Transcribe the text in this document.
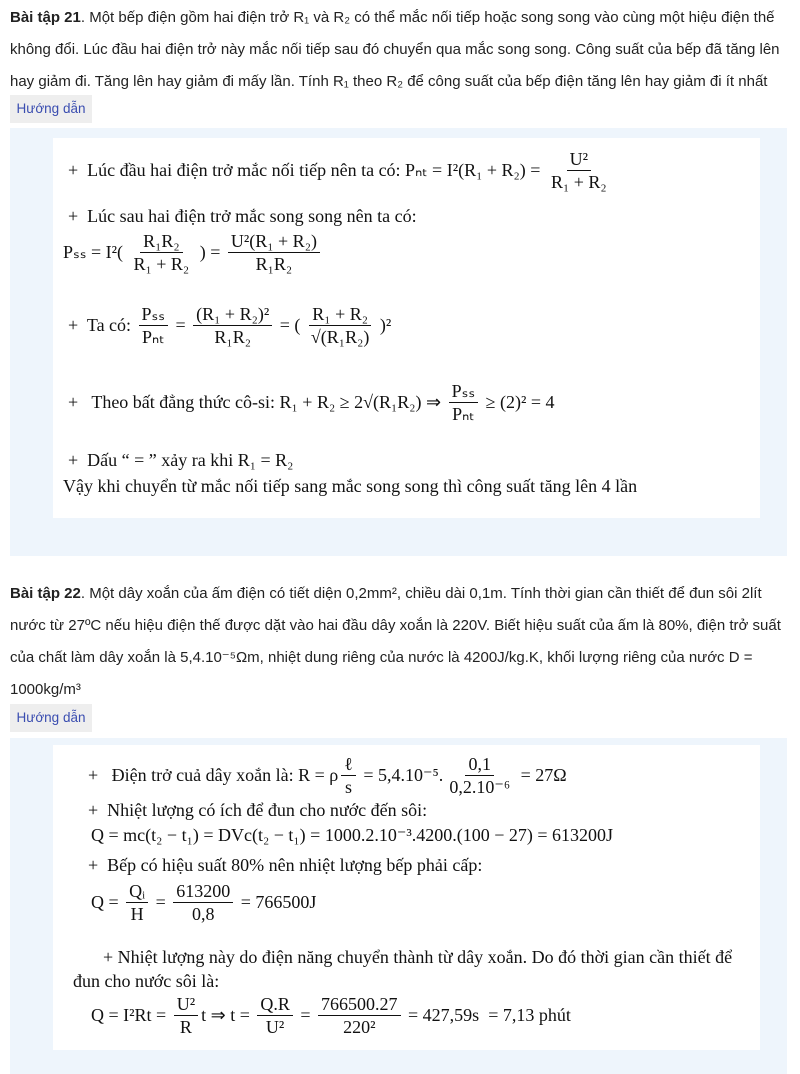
Bài tập 21. Một bếp điện gồm hai điện trở R₁ và R₂ có thể mắc nối tiếp hoặc song song vào cùng một hiệu điện thế không đổi. Lúc đầu hai điện trở này mắc nối tiếp sau đó chuyển qua mắc song song. Công suất của bếp đã tăng lên hay giảm đi. Tăng lên hay giảm đi mấy lần. Tính R₁ theo R₂ để công suất của bếp điện tăng lên hay giảm đi ít nhất
Hướng dẫn
+  Lúc đầu hai điện trở mắc nối tiếp nên ta có: $P_{nt} = I^2(R_1 + R_2) = \frac{\text{U²}}{\text{R₁ + R₂}}$
+  Lúc sau hai điện trở mắc song song nên ta có:
$P_{ss} = I^2( \frac{\text{R₁R₂}}{\text{R₁ + R₂}}$ ) = $\frac{\text{U²(R₁ + R₂)}}{\text{R₁R₂}}$
+  Ta có:
Pₛₛ
Pₙₜ
= $\frac{\text{(R₁ + R₂)²}}{\text{R₁R₂}}$ = ( $\frac{\text{R₁ + R₂}}{\text{√(R₁R₂)}} )^2$
+   Theo bất đẳng thức cô-si: R₁ + R₂ ≥ 2√(R₁R₂) ⇒
Pₛₛ
Pₙₜ
≥ (2)² = 4
+  Dấu “ = ” xảy ra khi R₁ = R₂
Vậy khi chuyển từ mắc nối tiếp sang mắc song song thì công suất tăng lên 4 lần
Bài tập 22. Một dây xoắn của ấm điện có tiết diện 0,2mm², chiều dài 0,1m. Tính thời gian cần thiết để đun sôi 2lít nước từ 27ºC nếu hiệu điện thế được dặt vào hai đầu dây xoắn là 220V. Biết hiệu suất của ấm là 80%, điện trở suất của chất làm dây xoắn là 5,4.10⁻⁵Ωm, nhiệt dung riêng của nước là 4200J/kg.K, khối lượng riêng của nước D = 1000kg/m³
Hướng dẫn
+   Điện trở cuả dây xoắn là: R = ρ
ℓ
s
= 5,4.10⁻⁵. $\frac{0,1}{\text{0,2.10⁻⁶}} = 27\Omega$
+  Nhiệt lượng có ích để đun cho nước đến sôi:
Q = mc(t₂ − t₁) = DVc(t₂ − t₁) = 1000.2.10⁻³.4200.(100 − 27) = 613200J
+  Bếp có hiệu suất 80% nên nhiệt lượng bếp phải cấp:
$Q = \frac{\text{Qᵢ}}{H} = \frac{613200}{0,8} = 766500J$
+ Nhiệt lượng này do điện năng chuyển thành từ dây xoắn. Do đó thời gian cần thiết để đun cho nước sôi là:
$Q = I^2Rt = \frac{\text{U²}}{R}$ t ⇒ $t = \frac{Q.R}{\text{U²}} = \frac{766500.27}{\text{220²}} = 427,59s = 7,13$ phút
